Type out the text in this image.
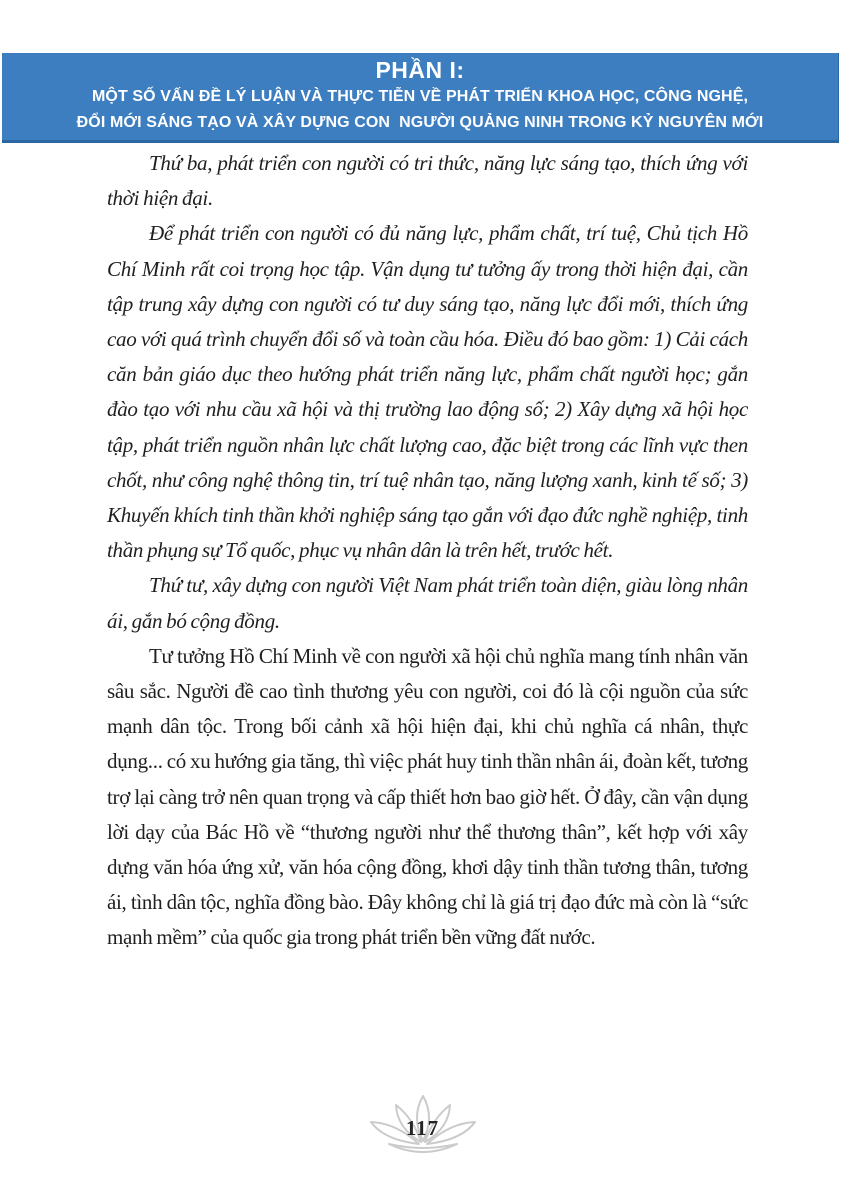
PHẦN I:
MỘT SỐ VẤN ĐỀ LÝ LUẬN VÀ THỰC TIỄN VỀ PHÁT TRIỂN KHOA HỌC, CÔNG NGHỆ,
ĐỔI MỚI SÁNG TẠO VÀ XÂY DỰNG CON  NGƯỜI QUẢNG NINH TRONG KỶ NGUYÊN MỚI

Thứ ba, phát triển con người có tri thức, năng lực sáng tạo, thích ứng với thời hiện đại.

Để phát triển con người có đủ năng lực, phẩm chất, trí tuệ, Chủ tịch Hồ Chí Minh rất coi trọng học tập. Vận dụng tư tưởng ấy trong thời hiện đại, cần tập trung xây dựng con người có tư duy sáng tạo, năng lực đổi mới, thích ứng cao với quá trình chuyển đổi số và toàn cầu hóa. Điều đó bao gồm: 1) Cải cách căn bản giáo dục theo hướng phát triển năng lực, phẩm chất người học; gắn đào tạo với nhu cầu xã hội và thị trường lao động số; 2) Xây dựng xã hội học tập, phát triển nguồn nhân lực chất lượng cao, đặc biệt trong các lĩnh vực then chốt, như công nghệ thông tin, trí tuệ nhân tạo, năng lượng xanh, kinh tế số; 3) Khuyến khích tinh thần khởi nghiệp sáng tạo gắn với đạo đức nghề nghiệp, tinh thần phụng sự Tổ quốc, phục vụ nhân dân là trên hết, trước hết.

Thứ tư, xây dựng con người Việt Nam phát triển toàn diện, giàu lòng nhân ái, gắn bó cộng đồng.

Tư tưởng Hồ Chí Minh về con người xã hội chủ nghĩa mang tính nhân văn sâu sắc. Người đề cao tình thương yêu con người, coi đó là cội nguồn của sức mạnh dân tộc. Trong bối cảnh xã hội hiện đại, khi chủ nghĩa cá nhân, thực dụng... có xu hướng gia tăng, thì việc phát huy tinh thần nhân ái, đoàn kết, tương trợ lại càng trở nên quan trọng và cấp thiết hơn bao giờ hết. Ở đây, cần vận dụng lời dạy của Bác Hồ về “thương người như thể thương thân”, kết hợp với xây dựng văn hóa ứng xử, văn hóa cộng đồng, khơi dậy tinh thần tương thân, tương ái, tình dân tộc, nghĩa đồng bào. Đây không chỉ là giá trị đạo đức mà còn là “sức mạnh mềm” của quốc gia trong phát triển bền vững đất nước.

117
